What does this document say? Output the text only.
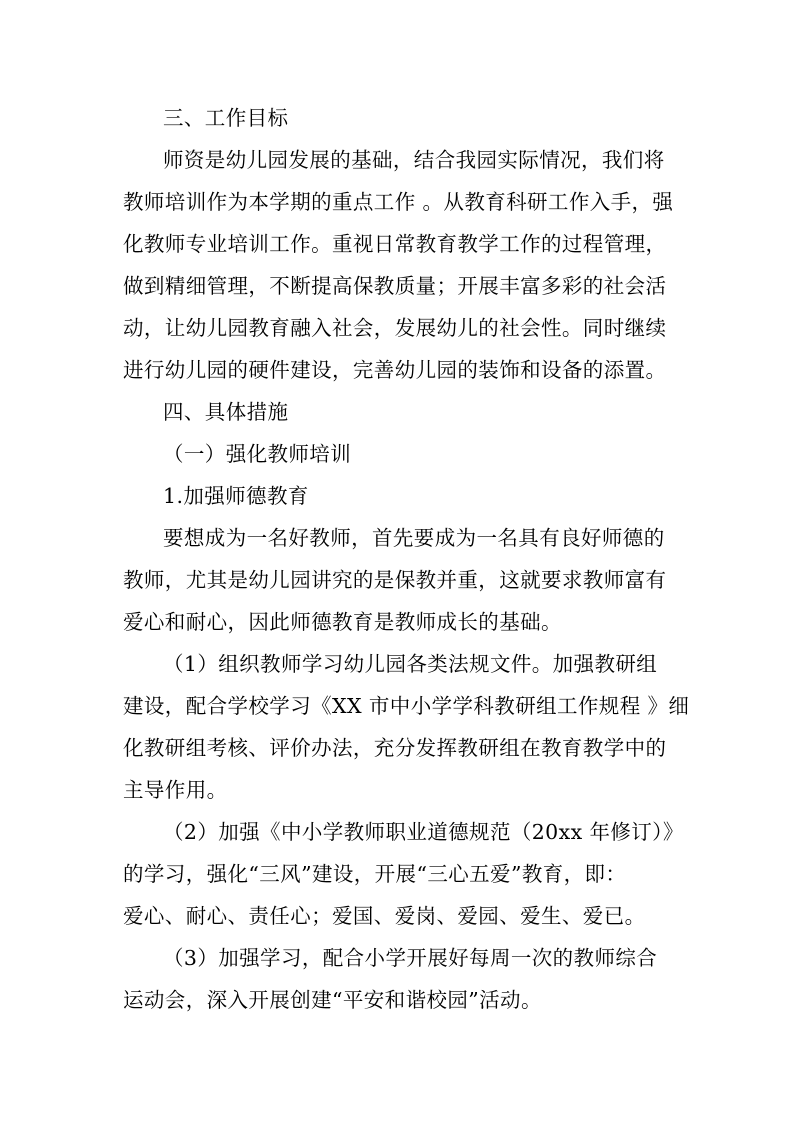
三、工作目标
师资是幼儿园发展的基础，结合我园实际情况，我们将
教师培训作为本学期的重点工作 。从教育科研工作入手，强
化教师专业培训工作。重视日常教育教学工作的过程管理，
做到精细管理，不断提高保教质量；开展丰富多彩的社会活
动，让幼儿园教育融入社会，发展幼儿的社会性。同时继续
进行幼儿园的硬件建设，完善幼儿园的装饰和设备的添置。
四、具体措施
（一）强化教师培训
1.加强师德教育
要想成为一名好教师，首先要成为一名具有良好师德的
教师，尤其是幼儿园讲究的是保教并重，这就要求教师富有
爱心和耐心，因此师德教育是教师成长的基础。
（1）组织教师学习幼儿园各类法规文件。加强教研组
建设，配合学校学习《XX 市中小学学科教研组工作规程 》细
化教研组考核、评价办法，充分发挥教研组在教育教学中的
主导作用。
（2）加强《中小学教师职业道德规范（20xx 年修订）》
的学习，强化“三风”建设，开展“三心五爱”教育，即：
爱心、耐心、责任心；爱国、爱岗、爱园、爱生、爱已。
（3）加强学习，配合小学开展好每周一次的教师综合
运动会，深入开展创建“平安和谐校园”活动。
